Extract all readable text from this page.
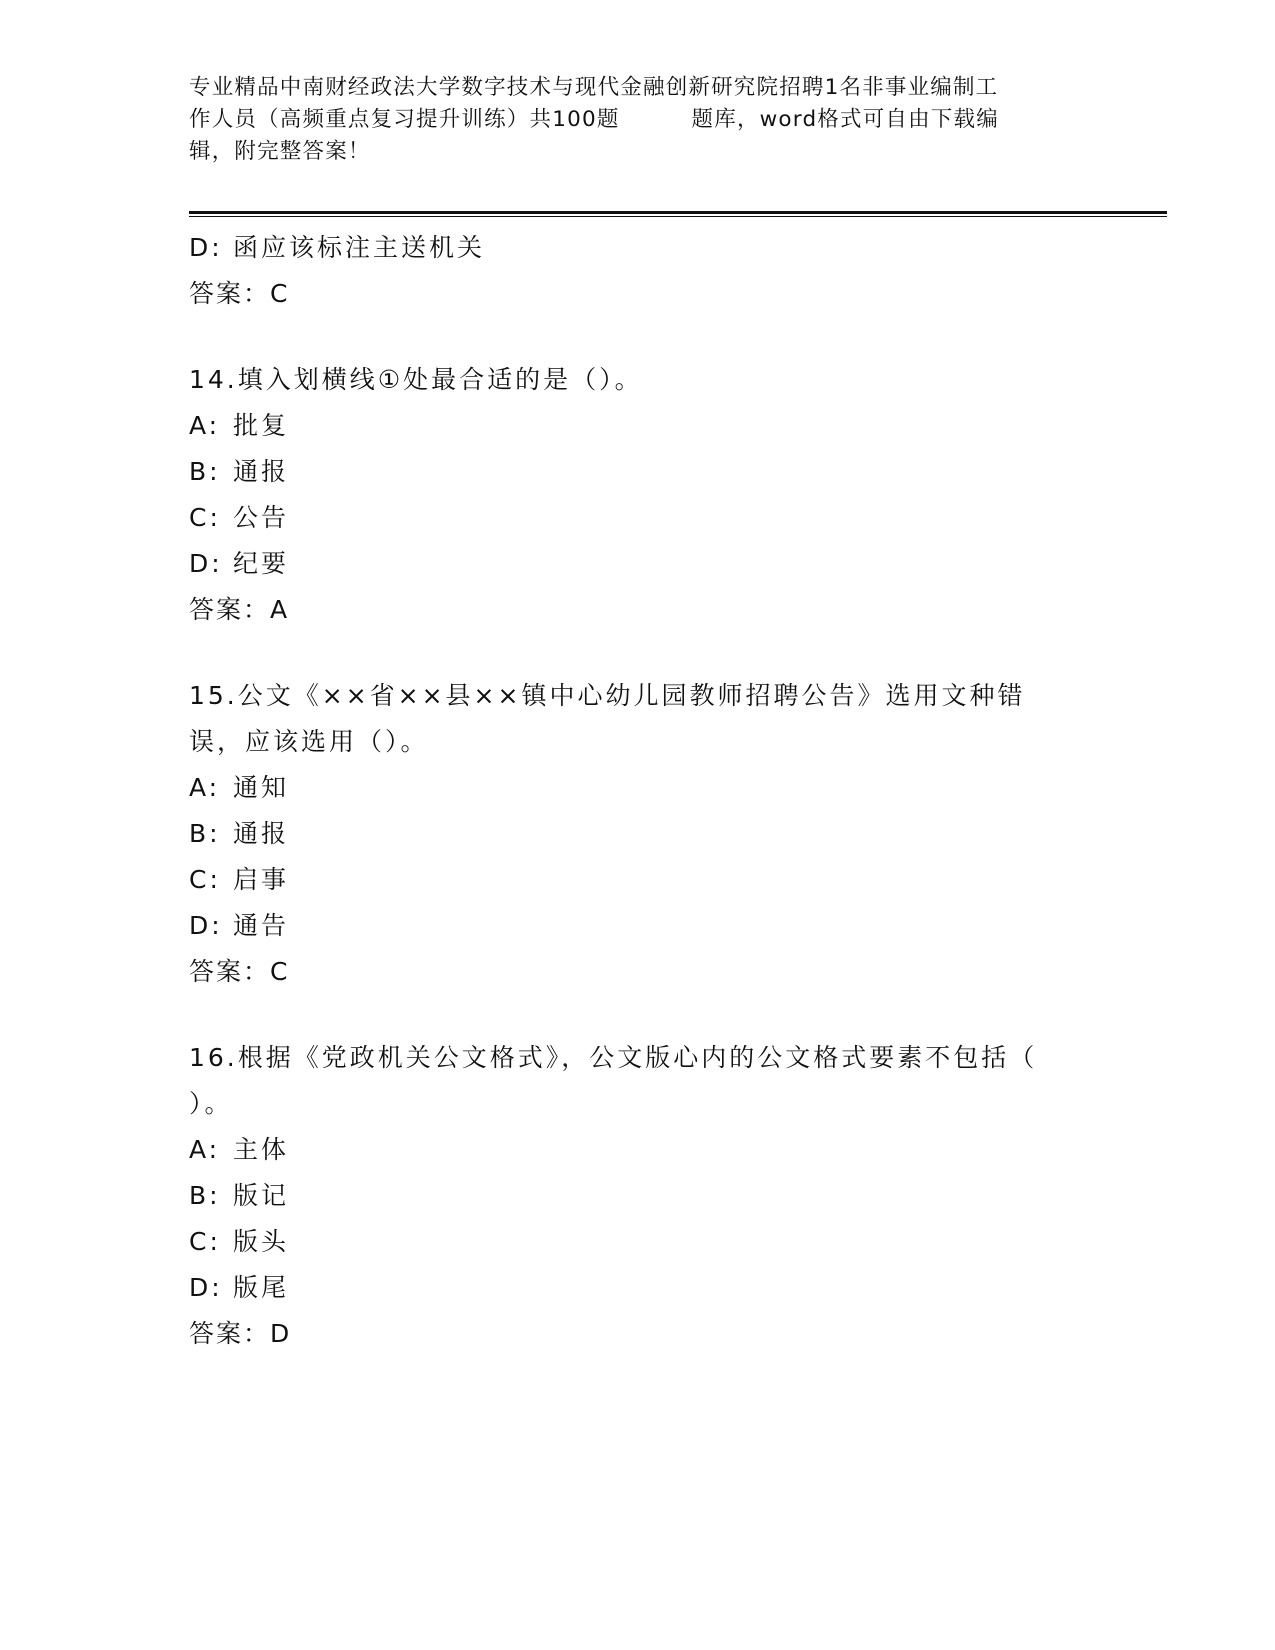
专业精品中南财经政法大学数字技术与现代金融创新研究院招聘1名非事业编制工
作人员（高频重点复习提升训练）共100题	题库，word格式可自由下载编
辑，附完整答案！
D: 函应该标注主送机关
答案：C
14.填入划横线①处最合适的是（）。
A: 批复
B: 通报
C: 公告
D: 纪要
答案：A
15.公文《××省××县××镇中心幼儿园教师招聘公告》选用文种错
误，应该选用（）。
A: 通知
B: 通报
C: 启事
D: 通告
答案：C
16.根据《党政机关公文格式》，公文版心内的公文格式要素不包括（
）。
A: 主体
B: 版记
C: 版头
D: 版尾
答案：D
